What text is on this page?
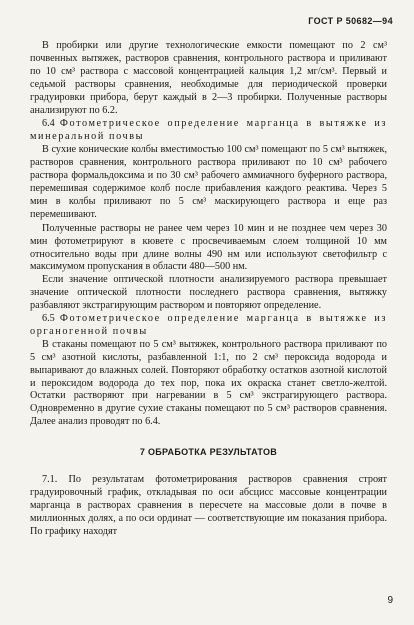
ГОСТ Р 50682—94

В пробирки или другие технологические емкости помещают по 2 см³ почвенных вытяжек, растворов сравнения, контрольного раствора и приливают по 10 см³ раствора с массовой концентрацией кальция 1,2 мг/см³. Первый и седьмой растворы сравнения, необходимые для периодической проверки градуировки прибора, берут каждый в 2—3 пробирки. Полученные растворы анализируют по 6.2.

6.4 Фотометрическое определение марганца в вытяжке из минеральной почвы

В сухие конические колбы вместимостью 100 см³ помещают по 5 см³ вытяжек, растворов сравнения, контрольного раствора приливают по 10 см³ рабочего раствора формальдоксима и по 30 см³ рабочего аммиачного буферного раствора, перемешивая содержимое колб после прибавления каждого реактива. Через 5 мин в колбы приливают по 5 см³ маскирующего раствора и еще раз перемешивают.

Полученные растворы не ранее чем через 10 мин и не позднее чем через 30 мин фотометрируют в кювете с просвечиваемым слоем толщиной 10 мм относительно воды при длине волны 490 нм или используют светофильтр с максимумом пропускания в области 480—500 нм.

Если значение оптической плотности анализируемого раствора превышает значение оптической плотности последнего раствора сравнения, вытяжку разбавляют экстрагирующим раствором и повторяют определение.

6.5 Фотометрическое определение марганца в вытяжке из органогенной почвы

В стаканы помещают по 5 см³ вытяжек, контрольного раствора приливают по 5 см³ азотной кислоты, разбавленной 1:1, по 2 см³ пероксида водорода и выпаривают до влажных солей. Повторяют обработку остатков азотной кислотой и пероксидом водорода до тех пор, пока их окраска станет светло-желтой. Остатки растворяют при нагревании в 5 см³ экстрагирующего раствора. Одновременно в другие сухие стаканы помещают по 5 см³ растворов сравнения. Далее анализ проводят по 6.4.

7 ОБРАБОТКА РЕЗУЛЬТАТОВ

7.1. По результатам фотометрирования растворов сравнения строят градуировочный график, откладывая по оси абсцисс массовые концентрации марганца в растворах сравнения в пересчете на массовые доли в почве в миллионных долях, а по оси ординат — соответствующие им показания прибора. По графику находят

9
